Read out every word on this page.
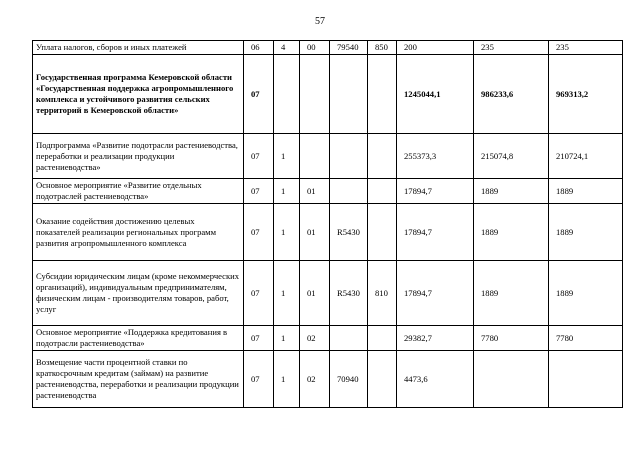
57
Уплата налогов, сборов и иных платежей	06	4	00	79540	850	200	235	235
Государственная программа Кемеровской области «Государственная поддержка агропромышленного комплекса и устойчивого развития сельских территорий в Кемеровской области»	07					1245044,1	986233,6	969313,2
Подпрограмма «Развитие подотрасли растениеводства, переработки и реализации продукции растениеводства»	07	1				255373,3	215074,8	210724,1
Основное мероприятие «Развитие отдельных подотраслей растениеводства»	07	1	01			17894,7	1889	1889
Оказание содействия достижению целевых показателей реализации региональных программ развития агропромышленного комплекса	07	1	01	R5430		17894,7	1889	1889
Субсидии юридическим лицам (кроме некоммерческих организаций), индивидуальным предпринимателям, физическим лицам - производителям товаров, работ, услуг	07	1	01	R5430	810	17894,7	1889	1889
Основное мероприятие «Поддержка кредитования в подотрасли растениеводства»	07	1	02			29382,7	7780	7780
Возмещение части процентной ставки по краткосрочным кредитам (займам) на развитие растениеводства, переработки и реализации продукции растениеводства	07	1	02	70940		4473,6		
